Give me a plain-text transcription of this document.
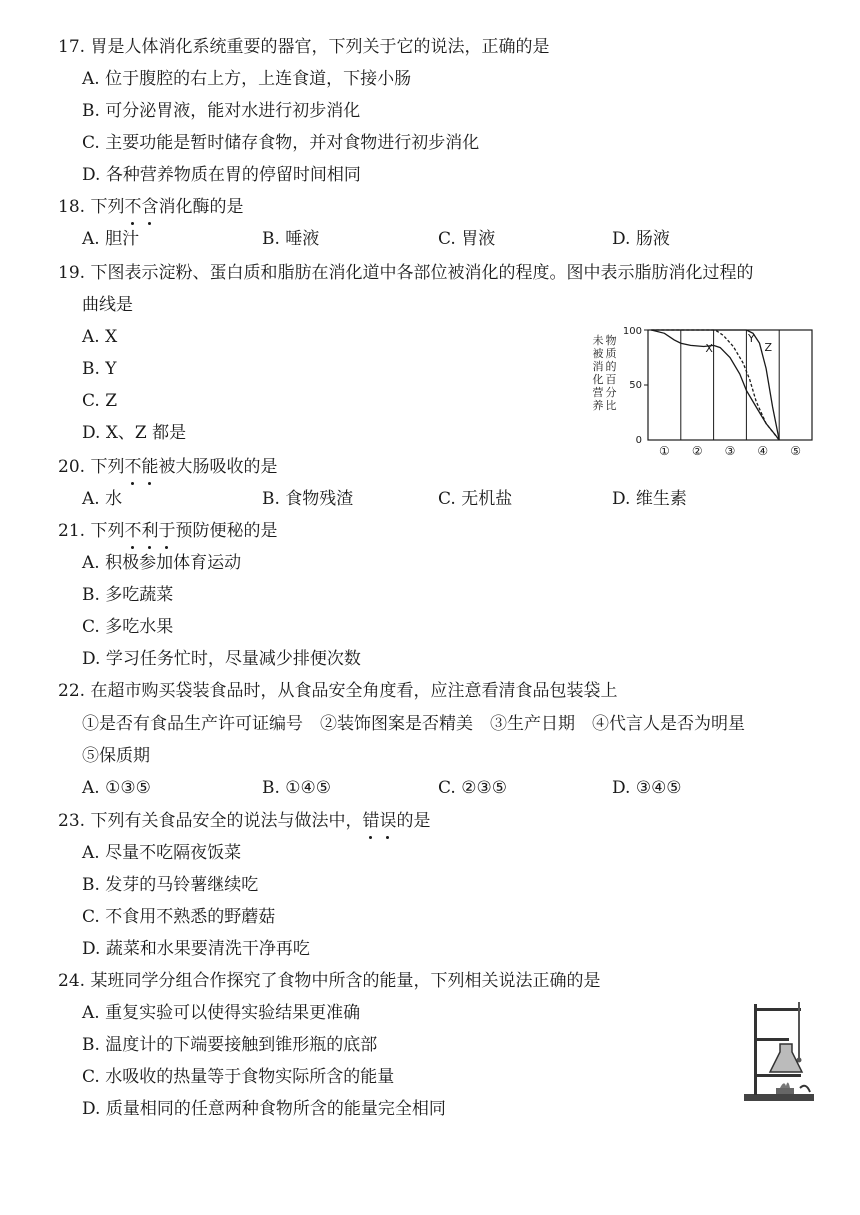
17. 胃是人体消化系统重要的器官，下列关于它的说法，正确的是
A. 位于腹腔的右上方，上连食道，下接小肠
B. 可分泌胃液，能对水进行初步消化
C. 主要功能是暂时储存食物，并对食物进行初步消化
D. 各种营养物质在胃的停留时间相同
18. 下列不含消化酶的是
A. 胆汁	B. 唾液	C. 胃液	D. 肠液
19. 下图表示淀粉、蛋白质和脂肪在消化道中各部位被消化的程度。图中表示脂肪消化过程的
曲线是
A. X
B. Y
C. Z
D. X、Z 都是
未
被
消
化
营
养
物
质
的
百
分
比
100
50
0
X
Y
Z
① ② ③ ④ ⑤
20. 下列不能被大肠吸收的是
A. 水	B. 食物残渣	C. 无机盐	D. 维生素
21. 下列不利于预防便秘的是
A. 积极参加体育运动
B. 多吃蔬菜
C. 多吃水果
D. 学习任务忙时，尽量减少排便次数
22. 在超市购买袋装食品时，从食品安全角度看，应注意看清食品包装袋上
①是否有食品生产许可证编号　②装饰图案是否精美　③生产日期　④代言人是否为明星
⑤保质期
A. ①③⑤	B. ①④⑤	C. ②③⑤	D. ③④⑤
23. 下列有关食品安全的说法与做法中，错误的是
A. 尽量不吃隔夜饭菜
B. 发芽的马铃薯继续吃
C. 不食用不熟悉的野蘑菇
D. 蔬菜和水果要清洗干净再吃
24. 某班同学分组合作探究了食物中所含的能量，下列相关说法正确的是
A. 重复实验可以使得实验结果更准确
B. 温度计的下端要接触到锥形瓶的底部
C. 水吸收的热量等于食物实际所含的能量
D. 质量相同的任意两种食物所含的能量完全相同
